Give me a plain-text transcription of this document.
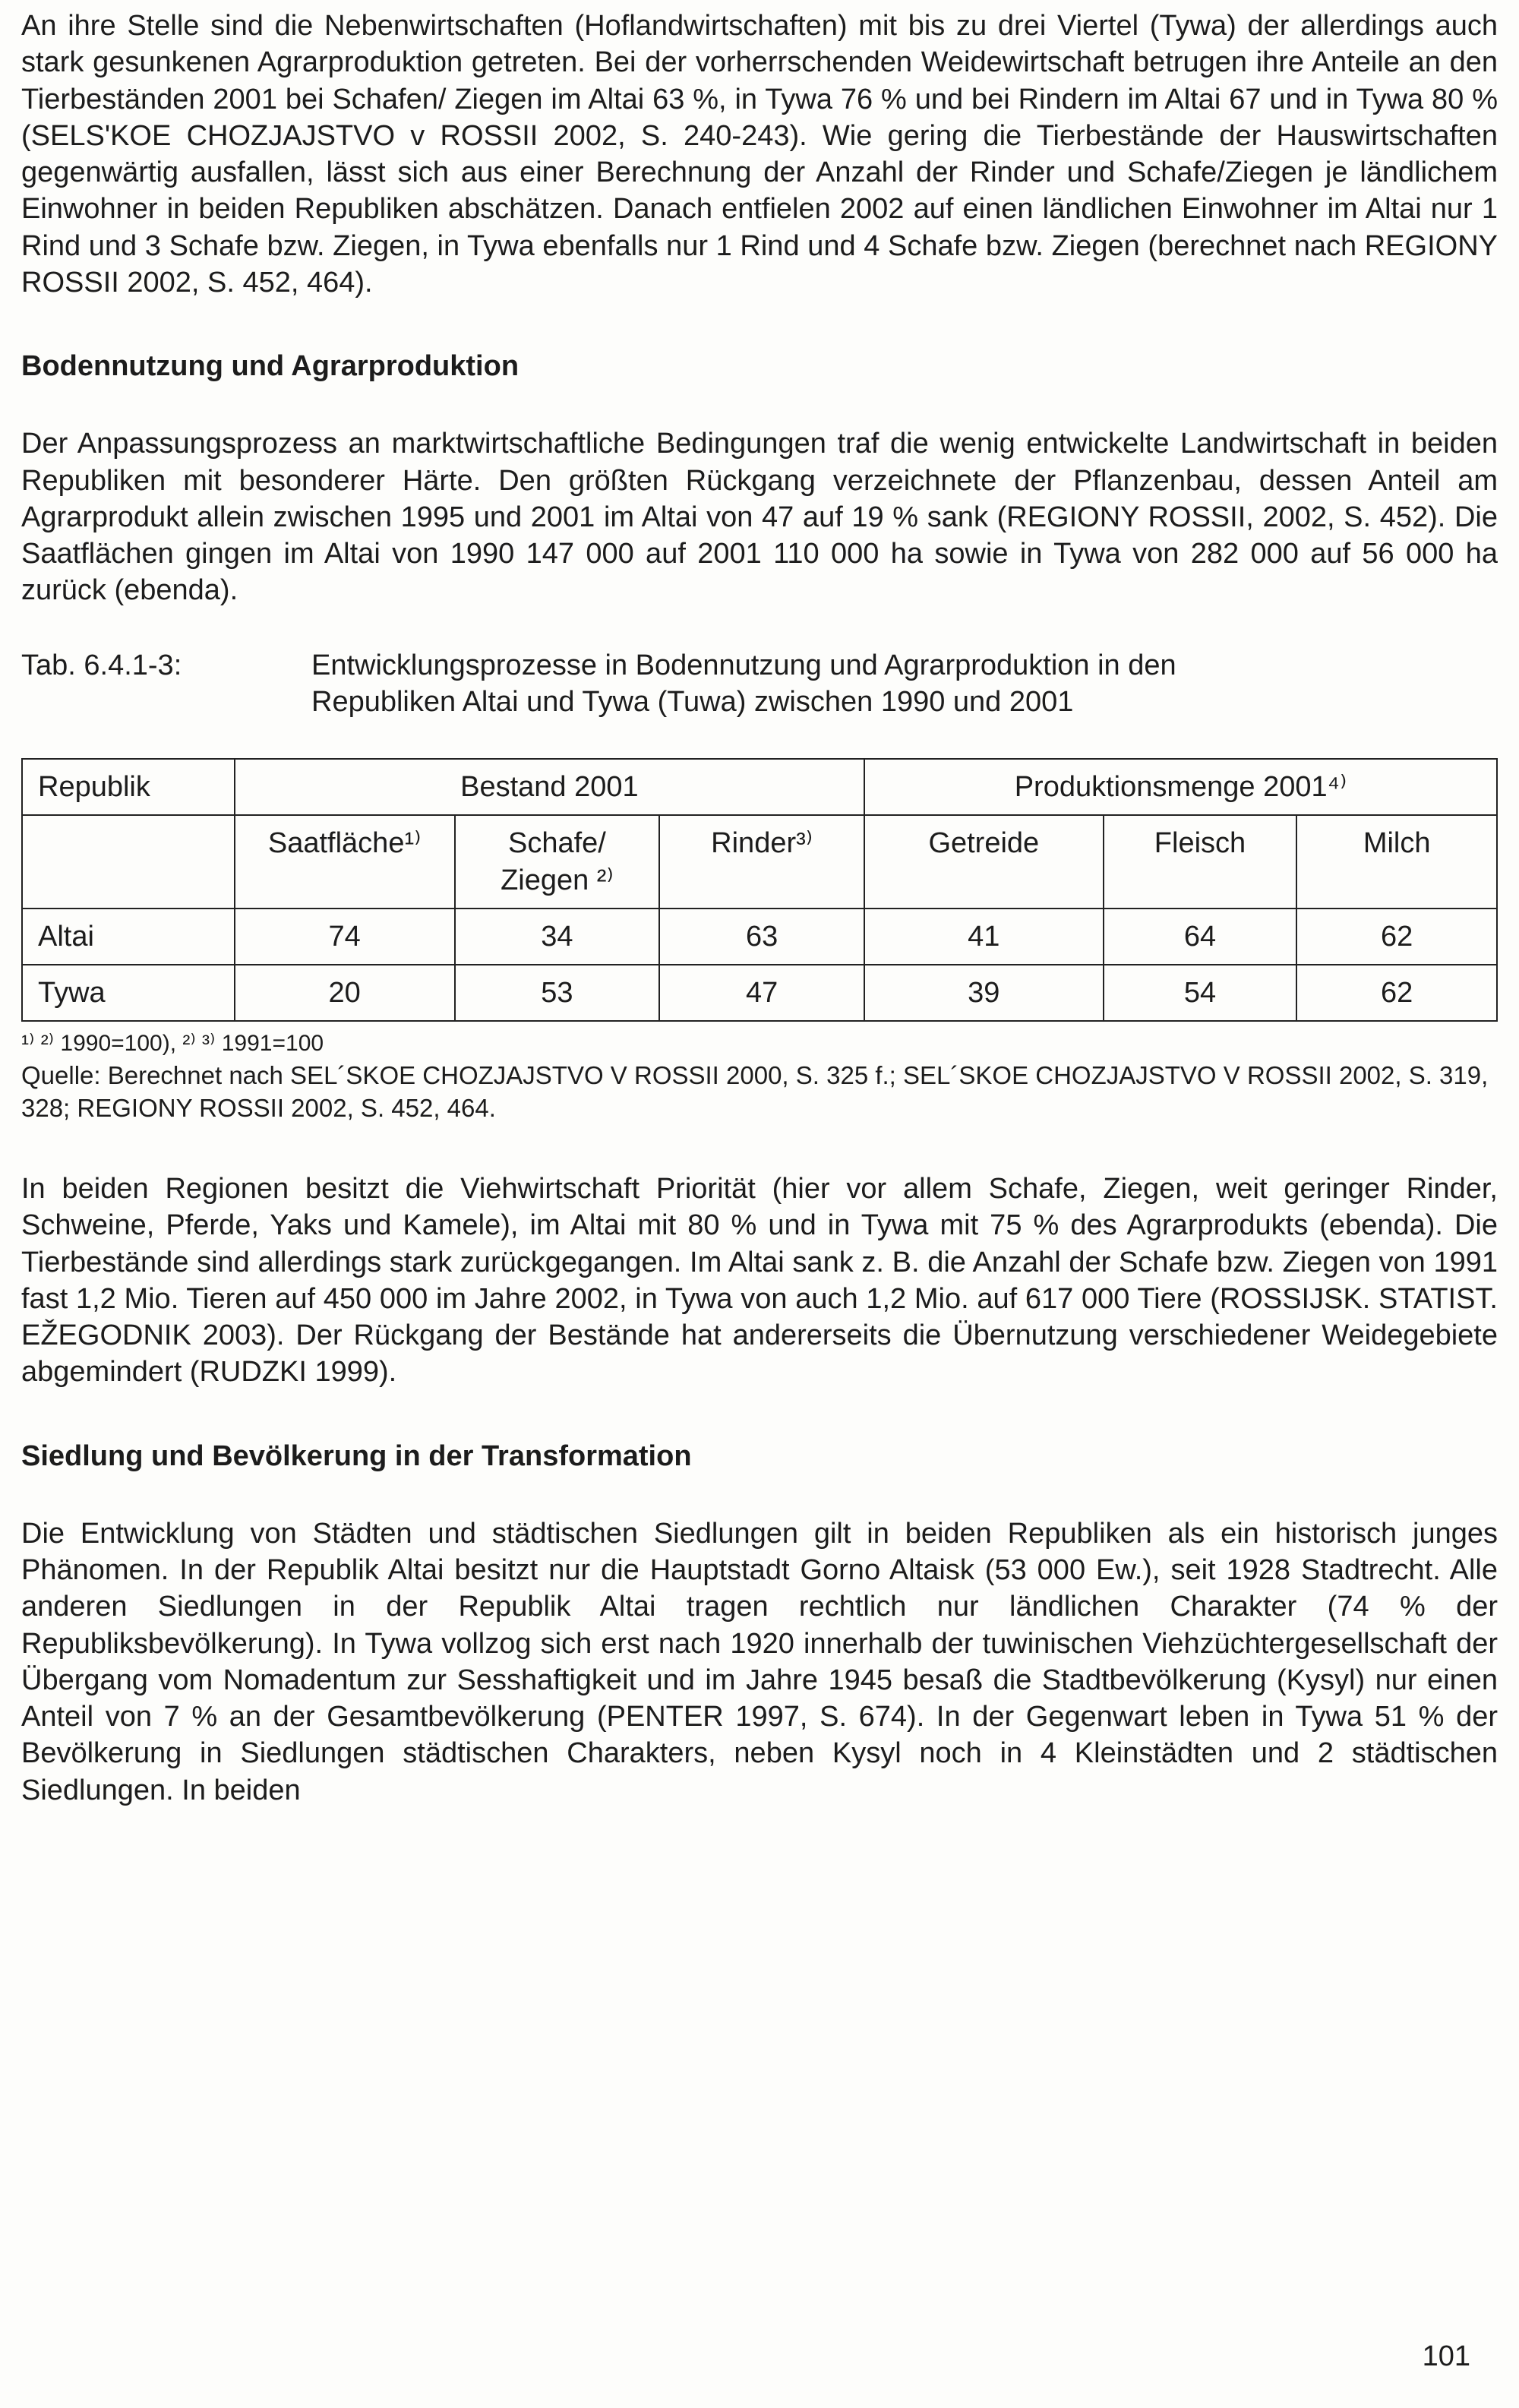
An ihre Stelle sind die Nebenwirtschaften (Hoflandwirtschaften) mit bis zu drei Viertel (Tywa) der allerdings auch stark gesunkenen Agrarproduktion getreten. Bei der vorherrschenden Weidewirtschaft betrugen ihre Anteile an den Tierbeständen 2001 bei Schafen/ Ziegen im Altai 63 %, in Tywa 76 % und bei Rindern im Altai 67 und in Tywa 80 % (SELS'KOE CHOZJAJSTVO v ROSSII 2002, S. 240-243). Wie gering die Tierbestände der Hauswirtschaften gegenwärtig ausfallen, lässt sich aus einer Berechnung der Anzahl der Rinder und Schafe/Ziegen je ländlichem Einwohner in beiden Republiken abschätzen. Danach entfielen 2002 auf einen ländlichen Einwohner im Altai nur 1 Rind und 3 Schafe bzw. Ziegen, in Tywa ebenfalls nur 1 Rind und 4 Schafe bzw. Ziegen (berechnet nach REGIONY ROSSII 2002, S. 452, 464).

Bodennutzung und Agrarproduktion

Der Anpassungsprozess an marktwirtschaftliche Bedingungen traf die wenig entwickelte Landwirtschaft in beiden Republiken mit besonderer Härte. Den größten Rückgang verzeichnete der Pflanzenbau, dessen Anteil am Agrarprodukt allein zwischen 1995 und 2001 im Altai von 47 auf 19 % sank (REGIONY ROSSII, 2002, S. 452). Die Saatflächen gingen im Altai von 1990 147 000 auf 2001 110 000 ha sowie in Tywa von 282 000 auf 56 000 ha zurück (ebenda).

Tab. 6.4.1-3:	Entwicklungsprozesse in Bodennutzung und Agrarproduktion in den Republiken Altai und Tywa (Tuwa) zwischen 1990 und 2001
Republik	Bestand 2001			Produktionsmenge 2001⁴⁾		
	Saatfläche¹⁾	Schafe/ Ziegen ²⁾	Rinder³⁾	Getreide	Fleisch	Milch
Altai	74	34	63	41	64	62
Tywa	20	53	47	39	54	62

¹⁾ ²⁾ 1990=100), ²⁾ ³⁾ 1991=100

Quelle: Berechnet nach SEL´SKOE CHOZJAJSTVO V ROSSII 2000, S. 325 f.; SEL´SKOE CHOZJAJSTVO V ROSSII 2002, S. 319, 328; REGIONY ROSSII 2002, S. 452, 464.

In beiden Regionen besitzt die Viehwirtschaft Priorität (hier vor allem Schafe, Ziegen, weit geringer Rinder, Schweine, Pferde, Yaks und Kamele), im Altai mit 80 % und in Tywa mit 75 % des Agrarprodukts (ebenda). Die Tierbestände sind allerdings stark zurückgegangen. Im Altai sank z. B. die Anzahl der Schafe bzw. Ziegen von 1991 fast 1,2 Mio. Tieren auf 450 000 im Jahre 2002, in Tywa von auch 1,2 Mio. auf 617 000 Tiere (ROSSIJSK. STATIST. EŽEGODNIK 2003). Der Rückgang der Bestände hat andererseits die Übernutzung verschiedener Weidegebiete abgemindert (RUDZKI 1999).

Siedlung und Bevölkerung in der Transformation

Die Entwicklung von Städten und städtischen Siedlungen gilt in beiden Republiken als ein historisch junges Phänomen. In der Republik Altai besitzt nur die Hauptstadt Gorno Altaisk (53 000 Ew.), seit 1928 Stadtrecht. Alle anderen Siedlungen in der Republik Altai tragen rechtlich nur ländlichen Charakter (74 % der Republiksbevölkerung). In Tywa vollzog sich erst nach 1920 innerhalb der tuwinischen Viehzüchtergesellschaft der Übergang vom Nomadentum zur Sesshaftigkeit und im Jahre 1945 besaß die Stadtbevölkerung (Kysyl) nur einen Anteil von 7 % an der Gesamtbevölkerung (PENTER 1997, S. 674). In der Gegenwart leben in Tywa 51 % der Bevölkerung in Siedlungen städtischen Charakters, neben Kysyl noch in 4 Kleinstädten und 2 städtischen Siedlungen. In beiden

101
